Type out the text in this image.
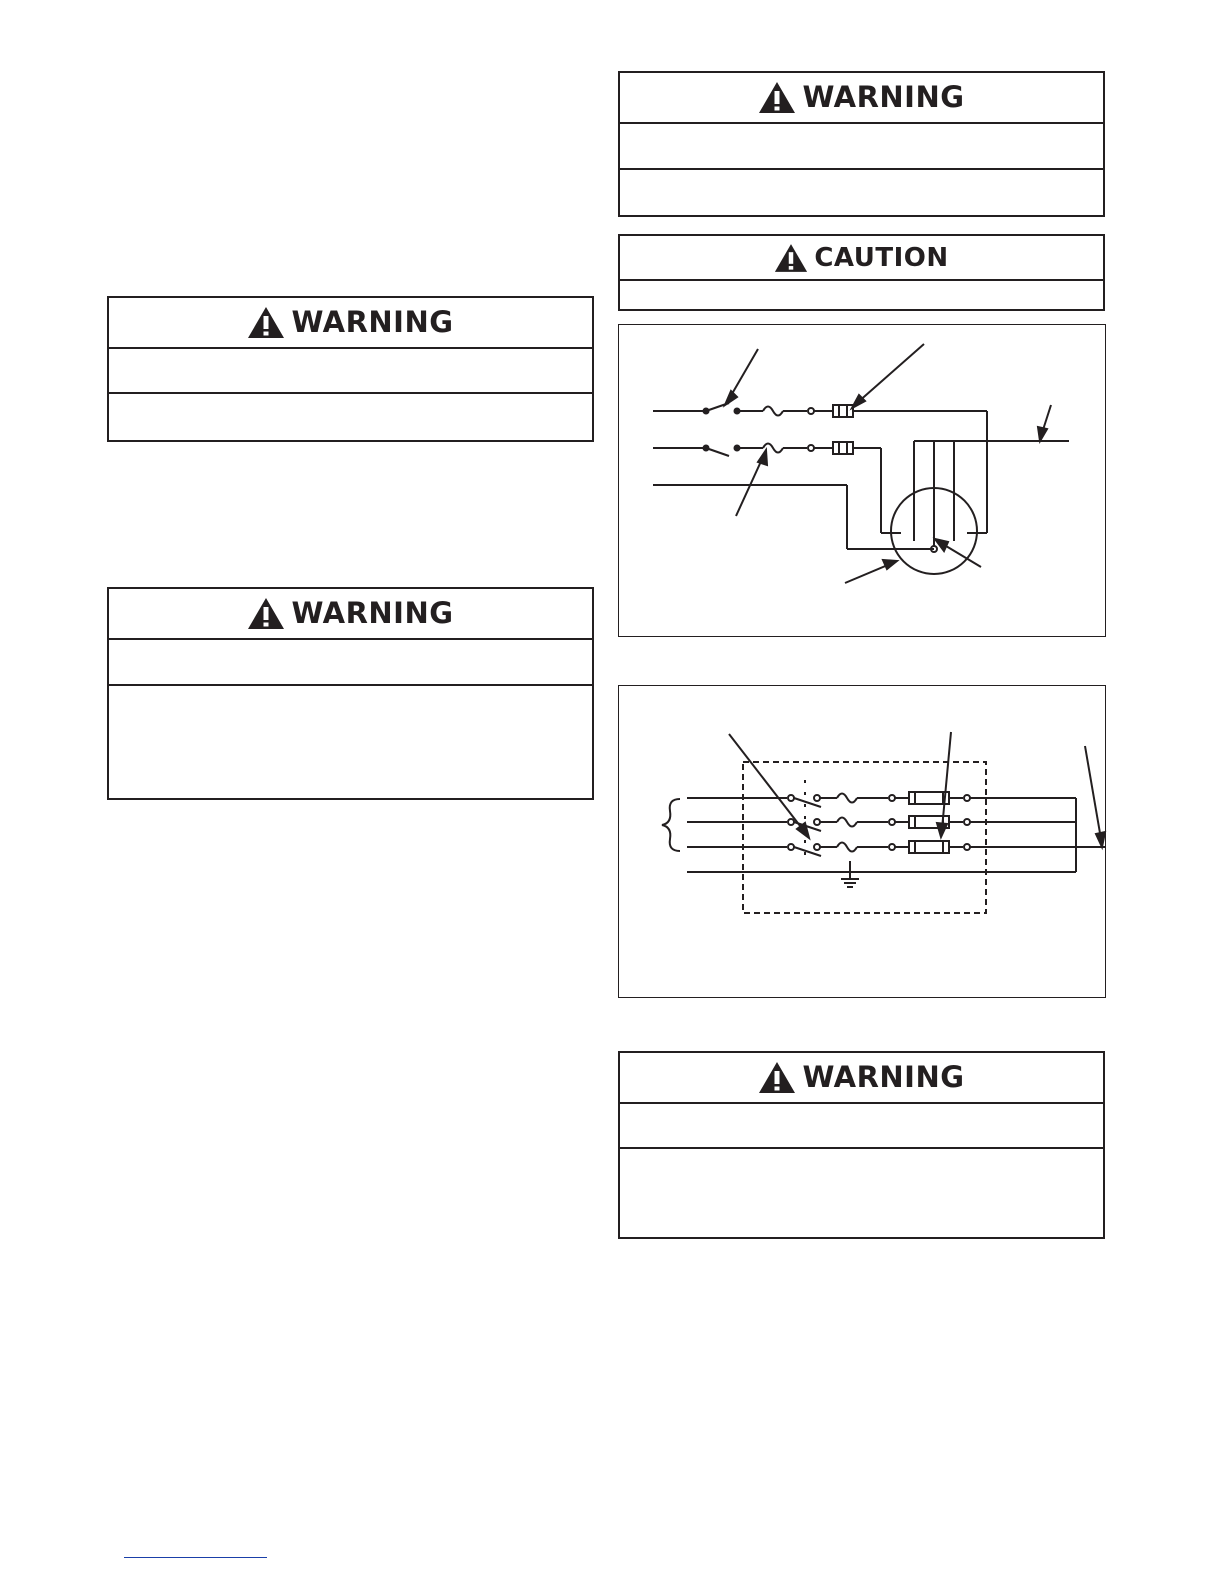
WARNING
WARNING
WARNING
CAUTION
WARNING
